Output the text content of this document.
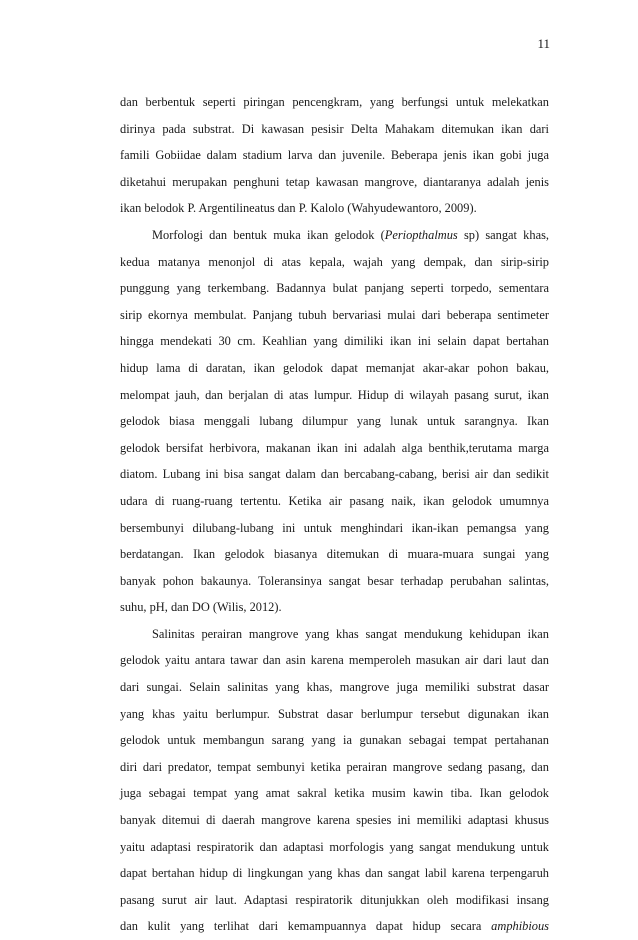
11
dan berbentuk seperti piringan pencengkram, yang berfungsi untuk melekatkan
dirinya pada substrat. Di kawasan pesisir Delta Mahakam ditemukan ikan dari
famili Gobiidae dalam stadium larva dan juvenile. Beberapa jenis ikan gobi juga
diketahui merupakan penghuni tetap kawasan mangrove, diantaranya adalah jenis
ikan belodok P. Argentilineatus dan P. Kalolo (Wahyudewantoro, 2009).
Morfologi dan bentuk muka ikan gelodok (Periopthalmus sp) sangat khas,
kedua matanya menonjol di atas kepala, wajah yang dempak, dan sirip-sirip
punggung yang terkembang. Badannya bulat panjang seperti torpedo, sementara
sirip ekornya membulat. Panjang tubuh bervariasi mulai dari beberapa sentimeter
hingga mendekati 30 cm. Keahlian yang dimiliki ikan ini selain dapat bertahan
hidup lama di daratan, ikan gelodok dapat memanjat akar-akar pohon bakau,
melompat jauh, dan berjalan di atas lumpur. Hidup di wilayah pasang surut, ikan
gelodok biasa menggali lubang dilumpur yang lunak untuk sarangnya. Ikan
gelodok bersifat herbivora, makanan ikan ini adalah alga benthik,terutama marga
diatom. Lubang ini bisa sangat dalam dan bercabang-cabang, berisi air dan sedikit
udara di ruang-ruang tertentu. Ketika air pasang naik, ikan gelodok umumnya
bersembunyi dilubang-lubang ini untuk menghindari ikan-ikan pemangsa yang
berdatangan. Ikan gelodok biasanya ditemukan di muara-muara sungai yang
banyak pohon bakaunya. Toleransinya sangat besar terhadap perubahan salintas,
suhu, pH, dan DO (Wilis, 2012).
Salinitas perairan mangrove yang khas sangat mendukung kehidupan ikan
gelodok yaitu antara tawar dan asin karena memperoleh masukan air dari laut dan
dari sungai. Selain salinitas yang khas, mangrove juga memiliki substrat dasar
yang khas yaitu berlumpur. Substrat dasar berlumpur tersebut digunakan ikan
gelodok untuk membangun sarang yang ia gunakan sebagai tempat pertahanan
diri dari predator, tempat sembunyi ketika perairan mangrove sedang pasang, dan
juga sebagai tempat yang amat sakral ketika musim kawin tiba. Ikan gelodok
banyak ditemui di daerah mangrove karena spesies ini memiliki adaptasi khusus
yaitu adaptasi respiratorik dan adaptasi morfologis yang sangat mendukung untuk
dapat bertahan hidup di lingkungan yang khas dan sangat labil karena terpengaruh
pasang surut air laut. Adaptasi respiratorik ditunjukkan oleh modifikasi insang
dan kulit yang terlihat dari kemampuannya dapat hidup secara amphibious
